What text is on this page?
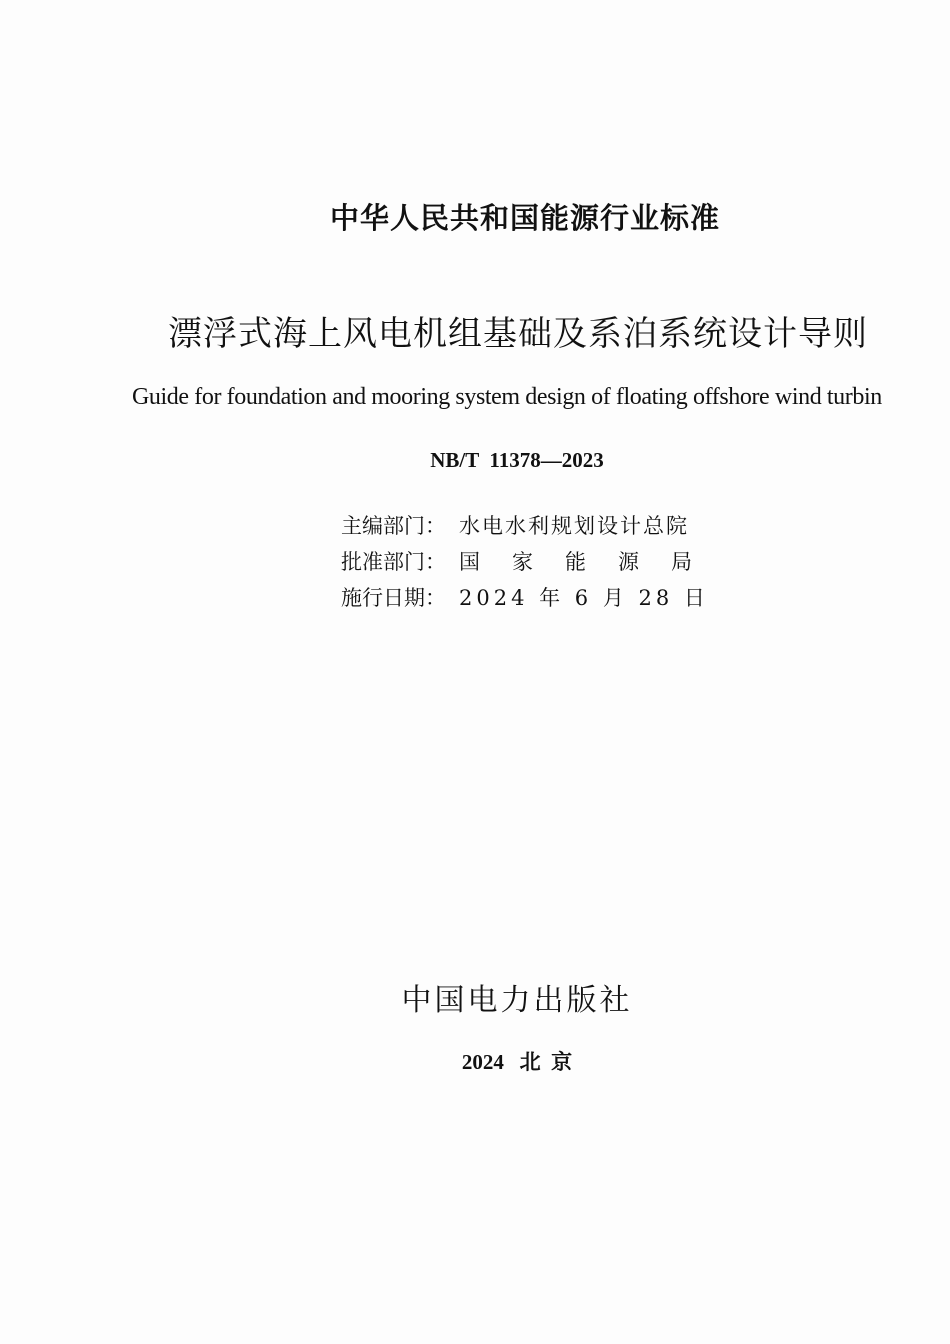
中华人民共和国能源行业标准
漂浮式海上风电机组基础及系泊系统设计导则
Guide for foundation and mooring system design of floating offshore wind turbin
NB/T  11378—2023
主编部门： 水电水利规划设计总院
批准部门： 国家能源局
施行日期： 2024 年 6 月 28 日
中国电力出版社
2024   北  京
